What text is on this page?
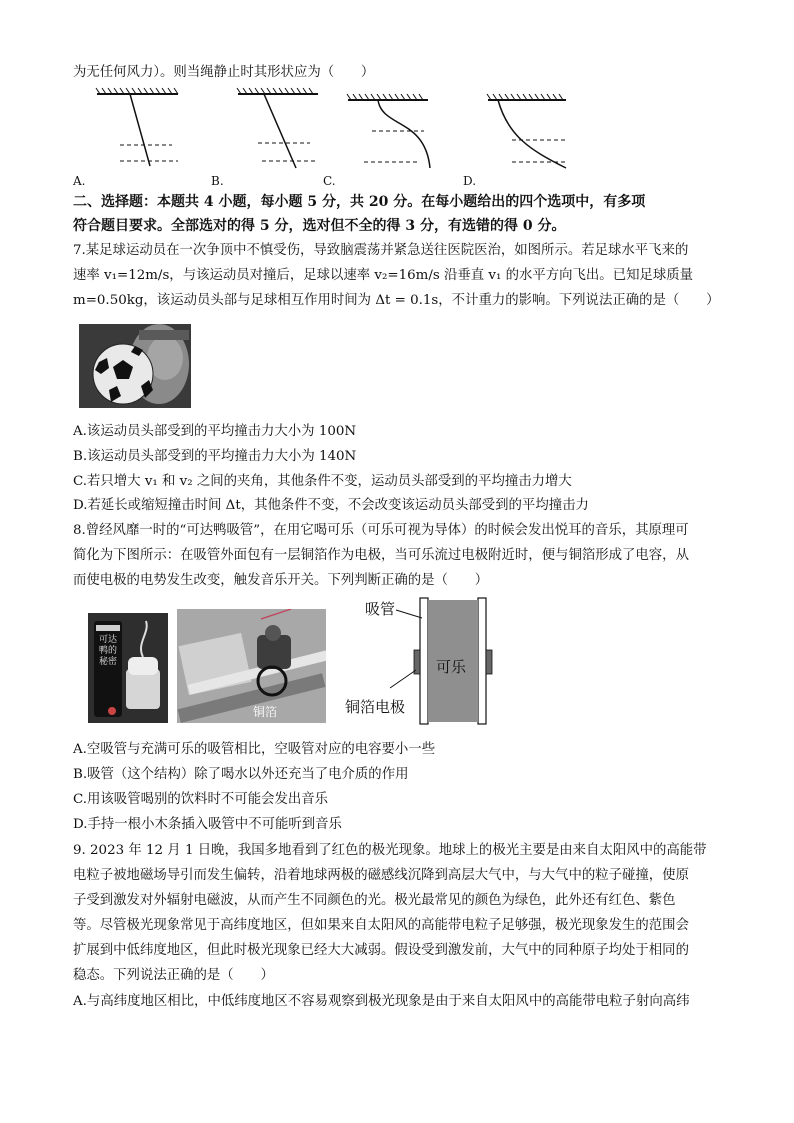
为无任何风力）。则当绳静止时其形状应为（　　）
A.	B.	C.	D.
二、选择题：本题共 4 小题，每小题 5 分，共 20 分。在每小题给出的四个选项中，有多项
符合题目要求。全部选对的得 5 分，选对但不全的得 3 分，有选错的得 0 分。
7.某足球运动员在一次争顶中不慎受伤，导致脑震荡并紧急送往医院医治，如图所示。若足球水平飞来的
速率 v₁=12m/s，与该运动员对撞后，足球以速率 v₂=16m/s 沿垂直 v₁ 的水平方向飞出。已知足球质量
m=0.50kg，该运动员头部与足球相互作用时间为 Δt = 0.1s，不计重力的影响。下列说法正确的是（　　）
A.该运动员头部受到的平均撞击力大小为 100N
B.该运动员头部受到的平均撞击力大小为 140N
C.若只增大 v₁ 和 v₂ 之间的夹角，其他条件不变，运动员头部受到的平均撞击力增大
D.若延长或缩短撞击时间 Δt，其他条件不变，不会改变该运动员头部受到的平均撞击力
8.曾经风靡一时的“可达鸭吸管”，在用它喝可乐（可乐可视为导体）的时候会发出悦耳的音乐，其原理可
简化为下图所示：在吸管外面包有一层铜箔作为电极，当可乐流过电极附近时，便与铜箔形成了电容，从
而使电极的电势发生改变，触发音乐开关。下列判断正确的是（　　）
可达鸭的秘密
铜箔
吸管
可乐
铜箔电极
A.空吸管与充满可乐的吸管相比，空吸管对应的电容要小一些
B.吸管（这个结构）除了喝水以外还充当了电介质的作用
C.用该吸管喝别的饮料时不可能会发出音乐
D.手持一根小木条插入吸管中不可能听到音乐
9. 2023 年 12 月 1 日晚，我国多地看到了红色的极光现象。地球上的极光主要是由来自太阳风中的高能带
电粒子被地磁场导引而发生偏转，沿着地球两极的磁感线沉降到高层大气中，与大气中的粒子碰撞，使原
子受到激发对外辐射电磁波，从而产生不同颜色的光。极光最常见的颜色为绿色，此外还有红色、紫色
等。尽管极光现象常见于高纬度地区，但如果来自太阳风的高能带电粒子足够强，极光现象发生的范围会
扩展到中低纬度地区，但此时极光现象已经大大减弱。假设受到激发前，大气中的同种原子均处于相同的
稳态。下列说法正确的是（　　）
A.与高纬度地区相比，中低纬度地区不容易观察到极光现象是由于来自太阳风中的高能带电粒子射向高纬
